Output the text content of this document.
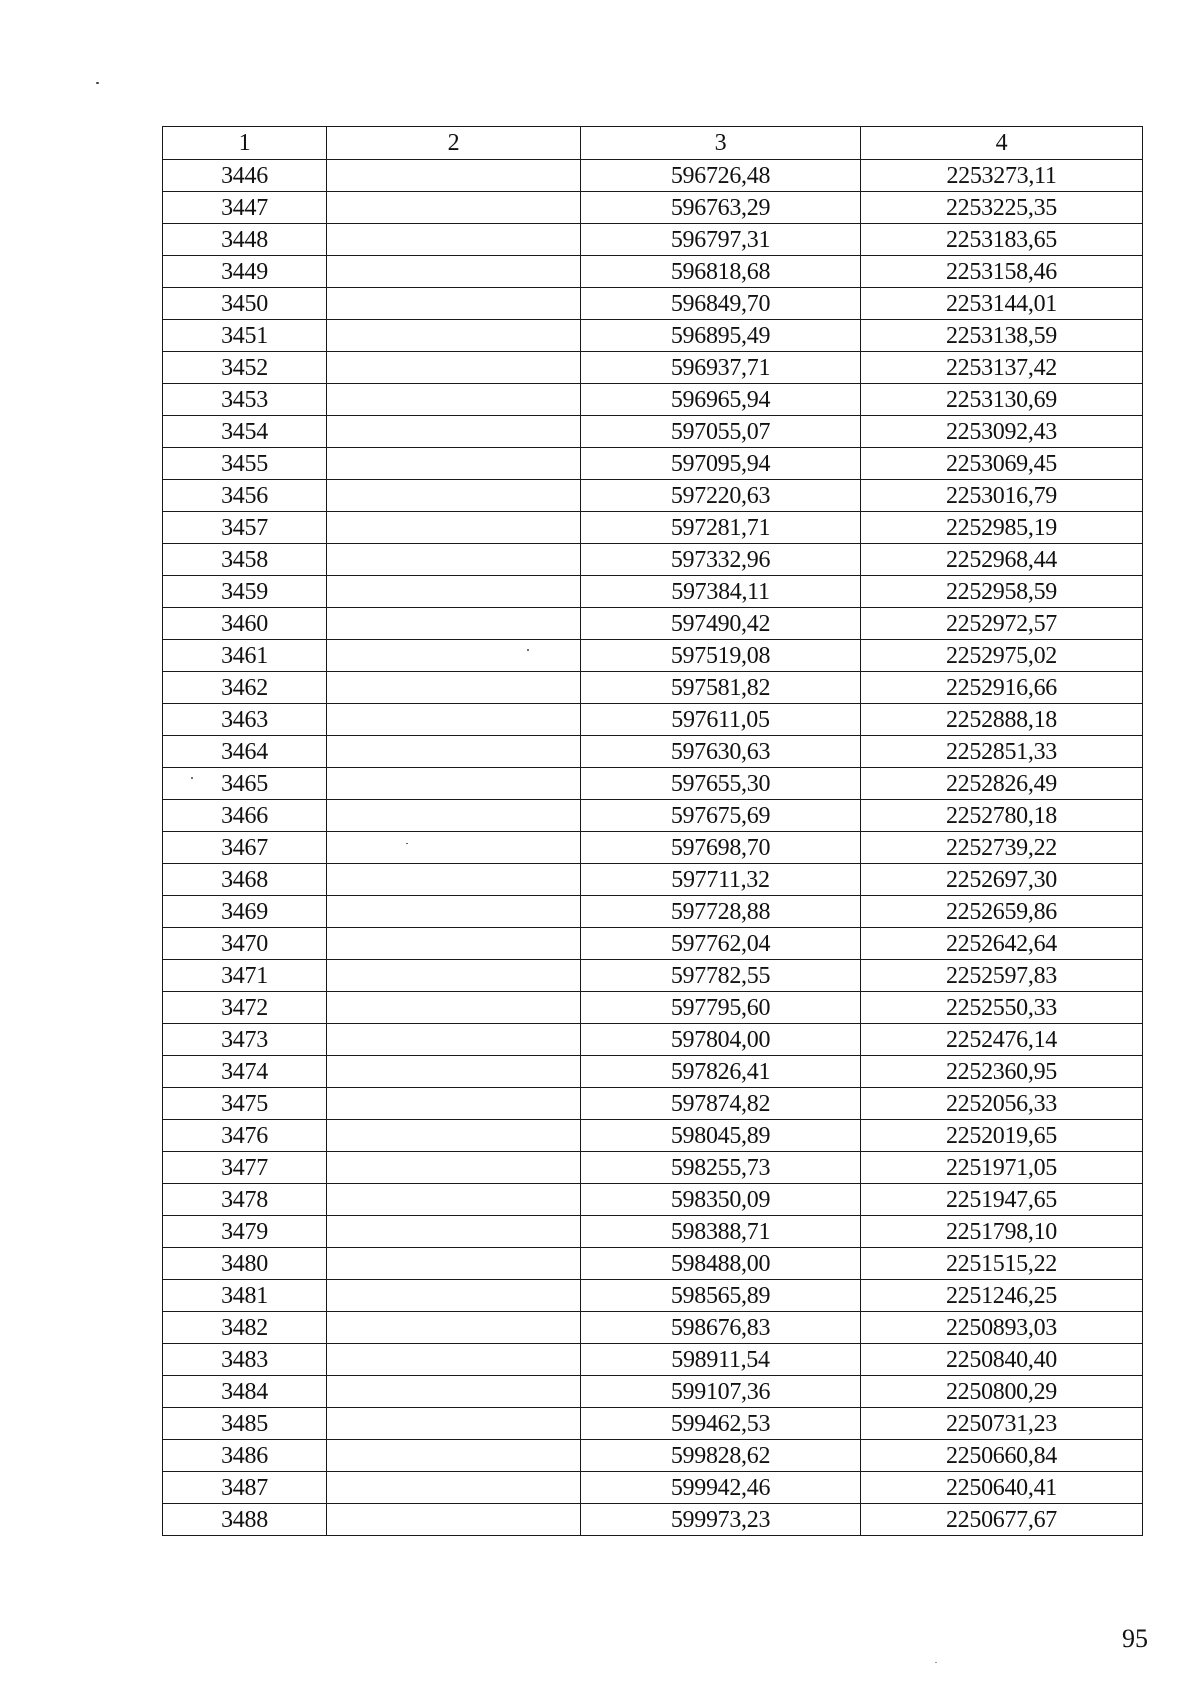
1	2	3	4
3446		596726,48	2253273,11
3447		596763,29	2253225,35
3448		596797,31	2253183,65
3449		596818,68	2253158,46
3450		596849,70	2253144,01
3451		596895,49	2253138,59
3452		596937,71	2253137,42
3453		596965,94	2253130,69
3454		597055,07	2253092,43
3455		597095,94	2253069,45
3456		597220,63	2253016,79
3457		597281,71	2252985,19
3458		597332,96	2252968,44
3459		597384,11	2252958,59
3460		597490,42	2252972,57
3461		597519,08	2252975,02
3462		597581,82	2252916,66
3463		597611,05	2252888,18
3464		597630,63	2252851,33
3465		597655,30	2252826,49
3466		597675,69	2252780,18
3467		597698,70	2252739,22
3468		597711,32	2252697,30
3469		597728,88	2252659,86
3470		597762,04	2252642,64
3471		597782,55	2252597,83
3472		597795,60	2252550,33
3473		597804,00	2252476,14
3474		597826,41	2252360,95
3475		597874,82	2252056,33
3476		598045,89	2252019,65
3477		598255,73	2251971,05
3478		598350,09	2251947,65
3479		598388,71	2251798,10
3480		598488,00	2251515,22
3481		598565,89	2251246,25
3482		598676,83	2250893,03
3483		598911,54	2250840,40
3484		599107,36	2250800,29
3485		599462,53	2250731,23
3486		599828,62	2250660,84
3487		599942,46	2250640,41
3488		599973,23	2250677,67
95
